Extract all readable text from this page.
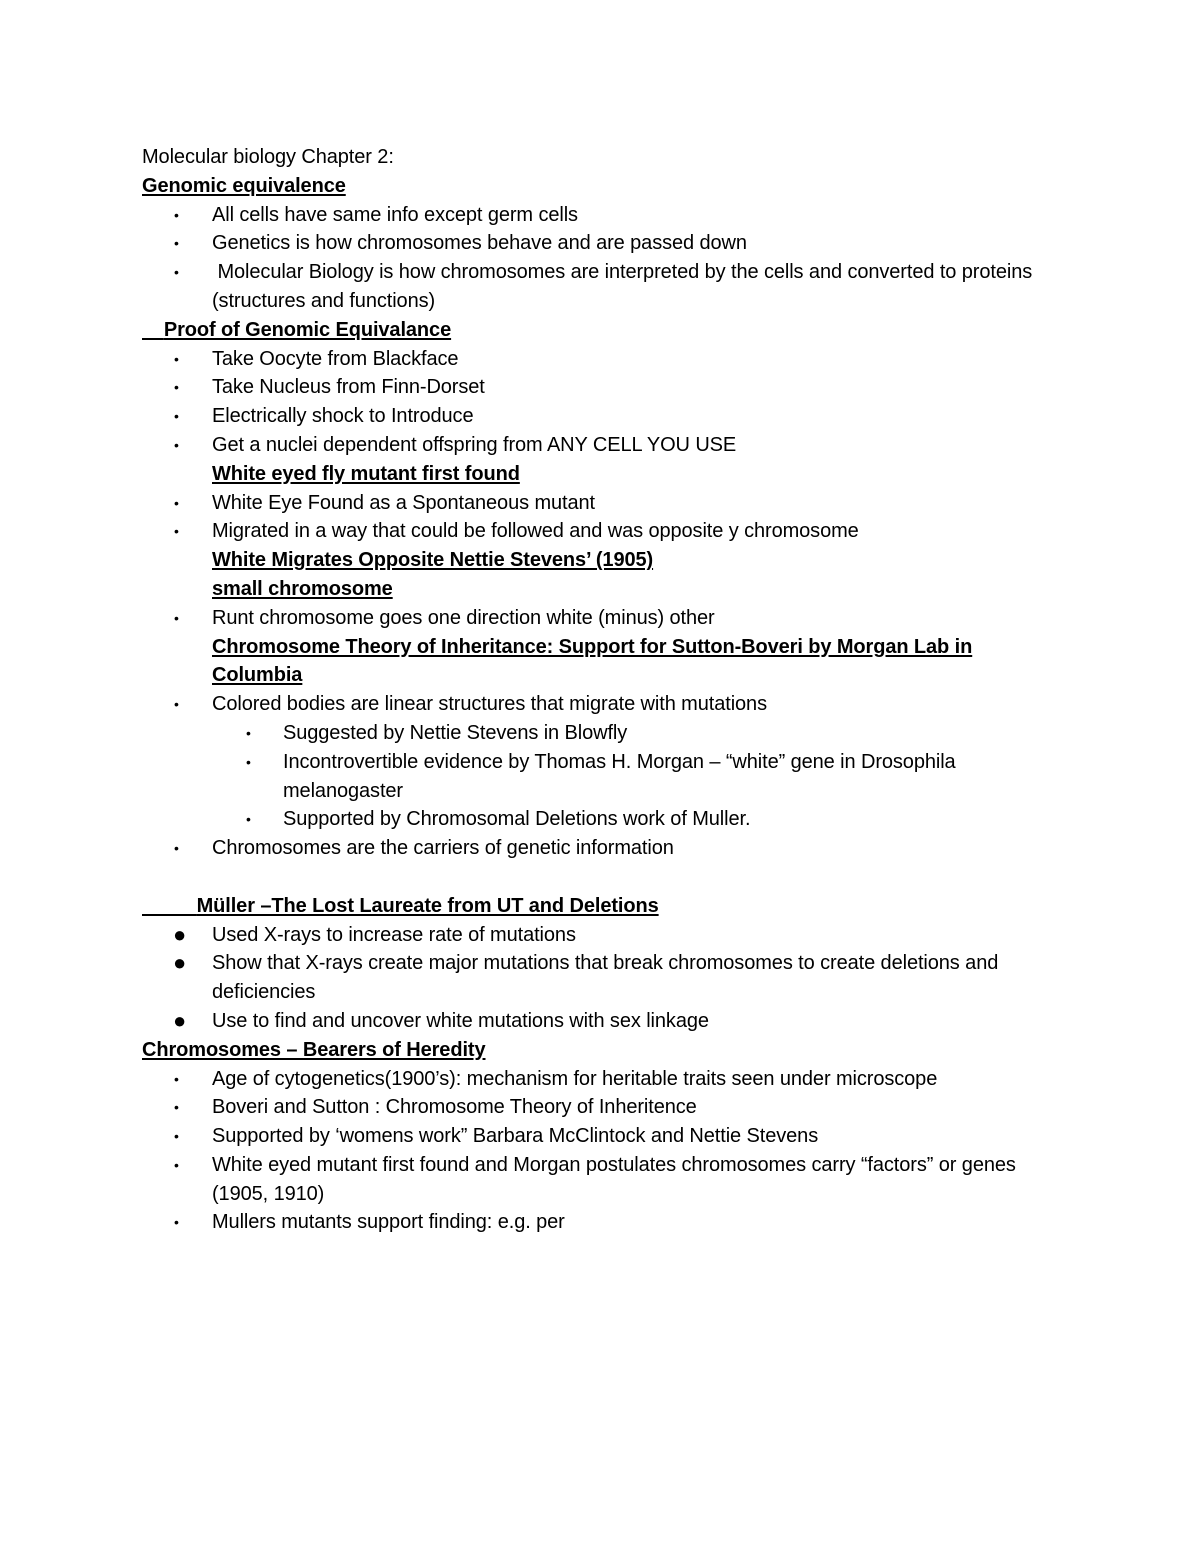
Molecular biology Chapter 2:

Genomic equivalence

• All cells have same info except germ cells
• Genetics is how chromosomes behave and are passed down
• Molecular Biology is how chromosomes are interpreted by the cells and converted to proteins (structures and functions)

Proof of Genomic Equivalance

• Take Oocyte from Blackface
• Take Nucleus from Finn-Dorset
• Electrically shock to Introduce
• Get a nuclei dependent offspring from ANY CELL YOU USE

White eyed fly mutant first found

• White Eye Found as a Spontaneous mutant
• Migrated in a way that could be followed and was opposite y chromosome

White Migrates Opposite Nettie Stevens’ (1905)

small chromosome

• Runt chromosome goes one direction white (minus) other
Chromosome Theory of Inheritance: Support for Sutton-Boveri by Morgan Lab in Columbia
• Colored bodies are linear structures that migrate with mutations
• Suggested by Nettie Stevens in Blowfly
• Incontrovertible evidence by Thomas H. Morgan – “white” gene in Drosophila melanogaster
• Supported by Chromosomal Deletions work of Muller.
• Chromosomes are the carriers of genetic information

Müller –The Lost Laureate from UT and Deletions

● Used X-rays to increase rate of mutations
● Show that X-rays create major mutations that break chromosomes to create deletions and deficiencies
● Use to find and uncover white mutations with sex linkage

Chromosomes – Bearers of Heredity

• Age of cytogenetics(1900’s): mechanism for heritable traits seen under microscope
• Boveri and Sutton : Chromosome Theory of Inheritence
• Supported by ‘womens work” Barbara McClintock and Nettie Stevens
• White eyed mutant first found and Morgan postulates chromosomes carry “factors” or genes (1905, 1910)
• Mullers mutants support finding: e.g. per
